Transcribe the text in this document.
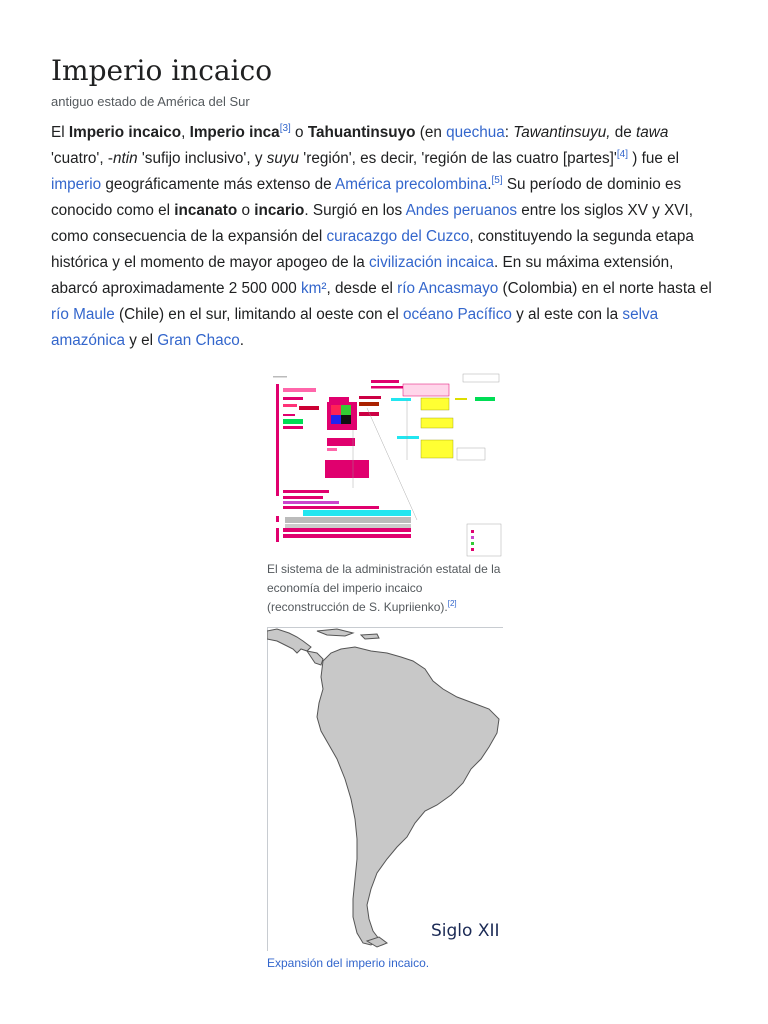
Imperio incaico
antiguo estado de América del Sur
El Imperio incaico, Imperio inca[3] o Tahuantinsuyo (en quechua: Tawantinsuyu, de tawa 'cuatro', -ntin 'sufijo inclusivo', y suyu 'región', es decir, 'región de las cuatro [partes]'[4] ) fue el imperio geográficamente más extenso de América precolombina.[5] Su período de dominio es conocido como el incanato o incario. Surgió en los Andes peruanos entre los siglos XV y XVI, como consecuencia de la expansión del curacazgo del Cuzco, constituyendo la segunda etapa histórica y el momento de mayor apogeo de la civilización incaica. En su máxima extensión, abarcó aproximadamente 2 500 000 km², desde el río Ancasmayo (Colombia) en el norte hasta el río Maule (Chile) en el sur, limitando al oeste con el océano Pacífico y al este con la selva amazónica y el Gran Chaco.
El sistema de la administración estatal de la economía del imperio incaico (reconstrucción de S. Kupriienko).[2]
Siglo XII
Expansión del imperio incaico.
